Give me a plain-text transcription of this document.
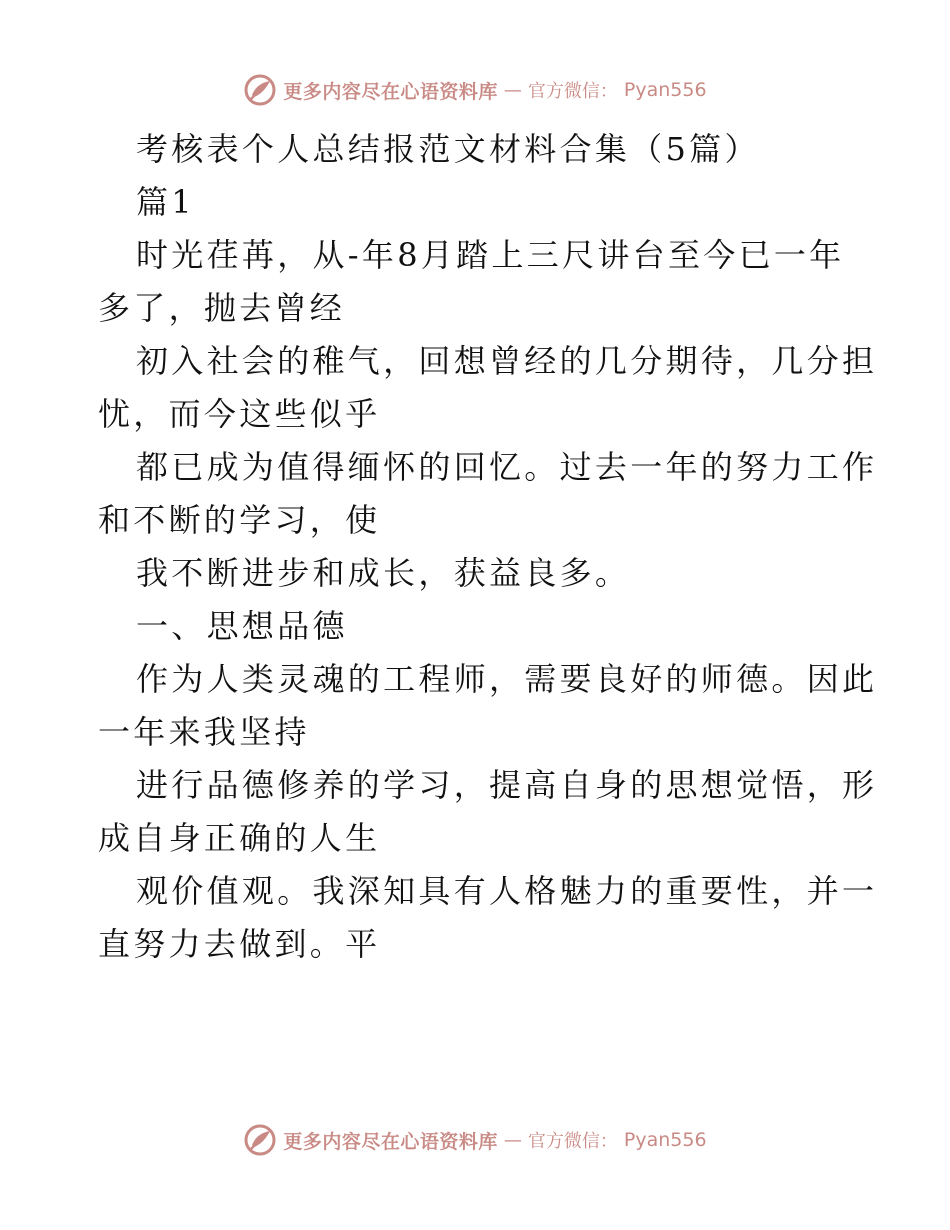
更多内容尽在心语资料库 — 官方微信： Pyan556
考核表个人总结报范文材料合集（5篇）
篇1
时光荏苒，从-年8月踏上三尺讲台至今已一年
多了，抛去曾经
初入社会的稚气，回想曾经的几分期待，几分担
忧，而今这些似乎
都已成为值得缅怀的回忆。过去一年的努力工作
和不断的学习，使
我不断进步和成长，获益良多。
一、思想品德
作为人类灵魂的工程师，需要良好的师德。因此
一年来我坚持
进行品德修养的学习，提高自身的思想觉悟，形
成自身正确的人生
观价值观。我深知具有人格魅力的重要性，并一
直努力去做到。平
更多内容尽在心语资料库 — 官方微信： Pyan556
